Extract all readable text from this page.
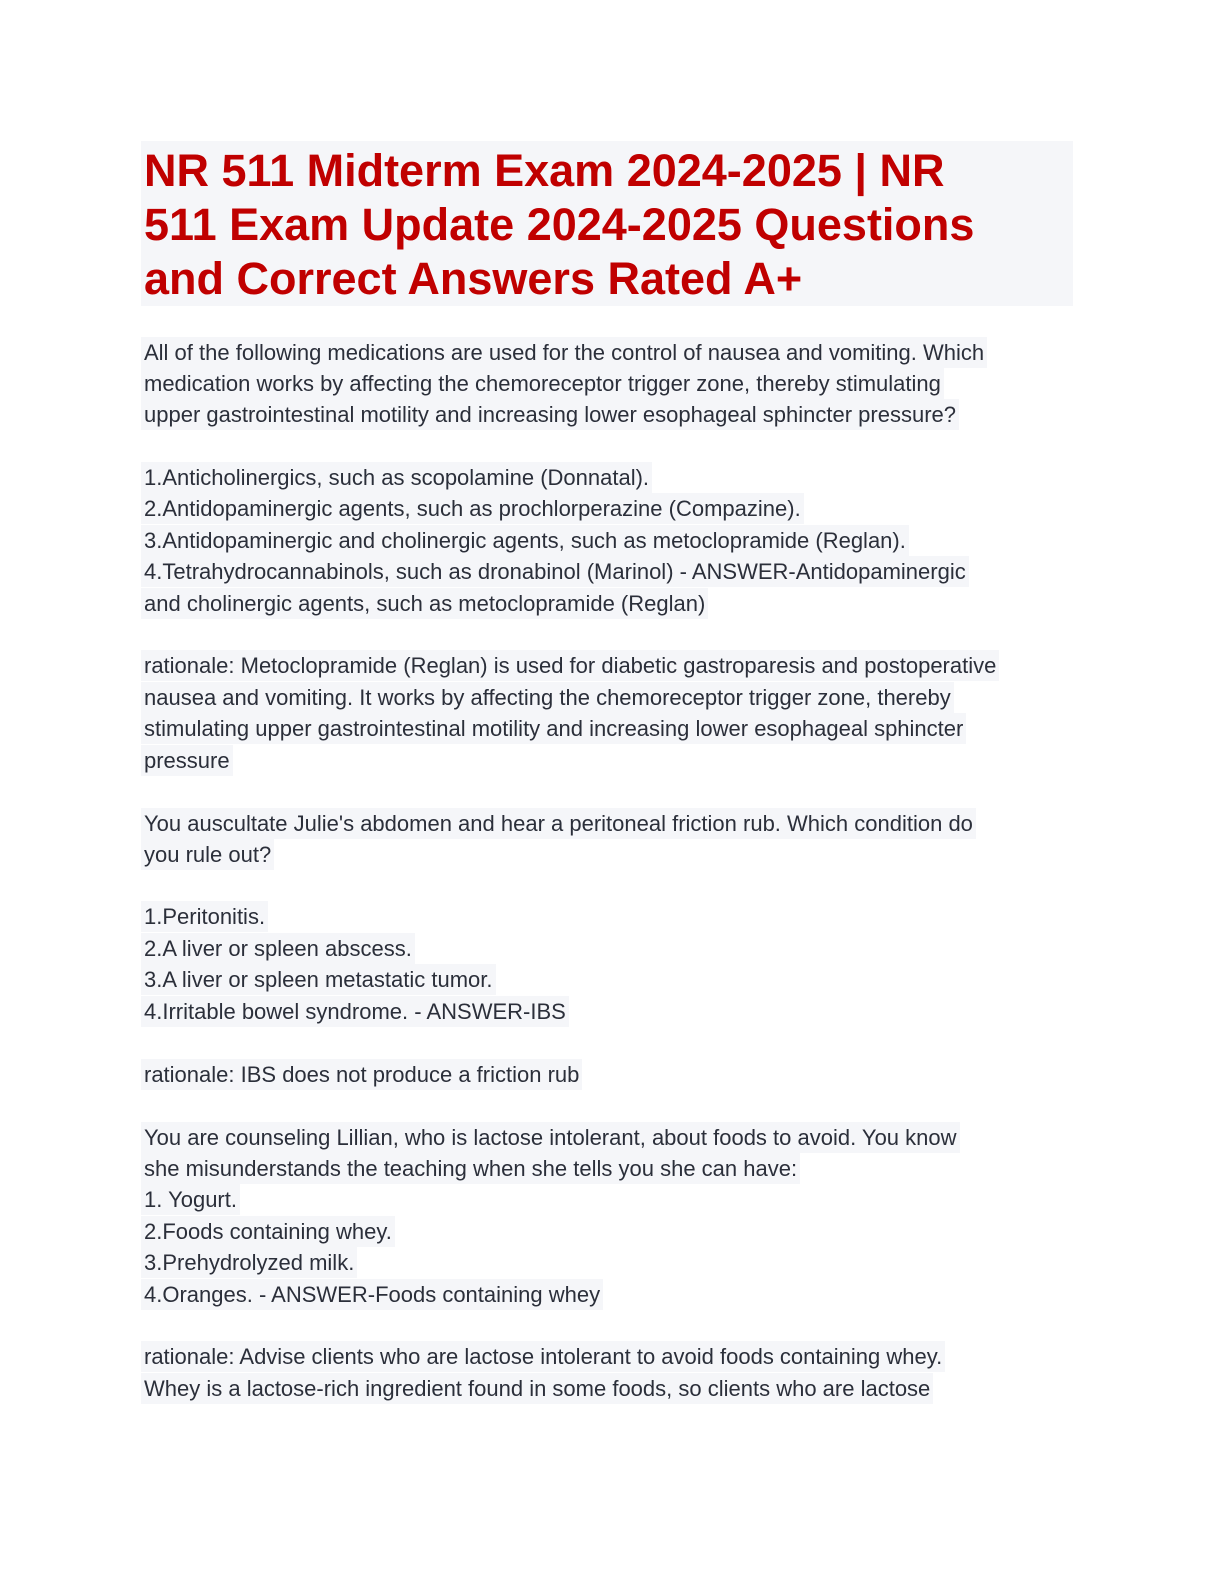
NR 511 Midterm Exam 2024-2025 | NR
511 Exam Update 2024-2025 Questions
and Correct Answers Rated A+
All of the following medications are used for the control of nausea and vomiting. Which
medication works by affecting the chemoreceptor trigger zone, thereby stimulating
upper gastrointestinal motility and increasing lower esophageal sphincter pressure?
1.Anticholinergics, such as scopolamine (Donnatal).
2.Antidopaminergic agents, such as prochlorperazine (Compazine).
3.Antidopaminergic and cholinergic agents, such as metoclopramide (Reglan).
4.Tetrahydrocannabinols, such as dronabinol (Marinol) - ANSWER-Antidopaminergic
and cholinergic agents, such as metoclopramide (Reglan)
rationale: Metoclopramide (Reglan) is used for diabetic gastroparesis and postoperative
nausea and vomiting. It works by affecting the chemoreceptor trigger zone, thereby
stimulating upper gastrointestinal motility and increasing lower esophageal sphincter
pressure
You auscultate Julie's abdomen and hear a peritoneal friction rub. Which condition do
you rule out?
1.Peritonitis.
2.A liver or spleen abscess.
3.A liver or spleen metastatic tumor.
4.Irritable bowel syndrome. - ANSWER-IBS
rationale: IBS does not produce a friction rub
You are counseling Lillian, who is lactose intolerant, about foods to avoid. You know
she misunderstands the teaching when she tells you she can have:
1. Yogurt.
2.Foods containing whey.
3.Prehydrolyzed milk.
4.Oranges. - ANSWER-Foods containing whey
rationale: Advise clients who are lactose intolerant to avoid foods containing whey.
Whey is a lactose-rich ingredient found in some foods, so clients who are lactose
